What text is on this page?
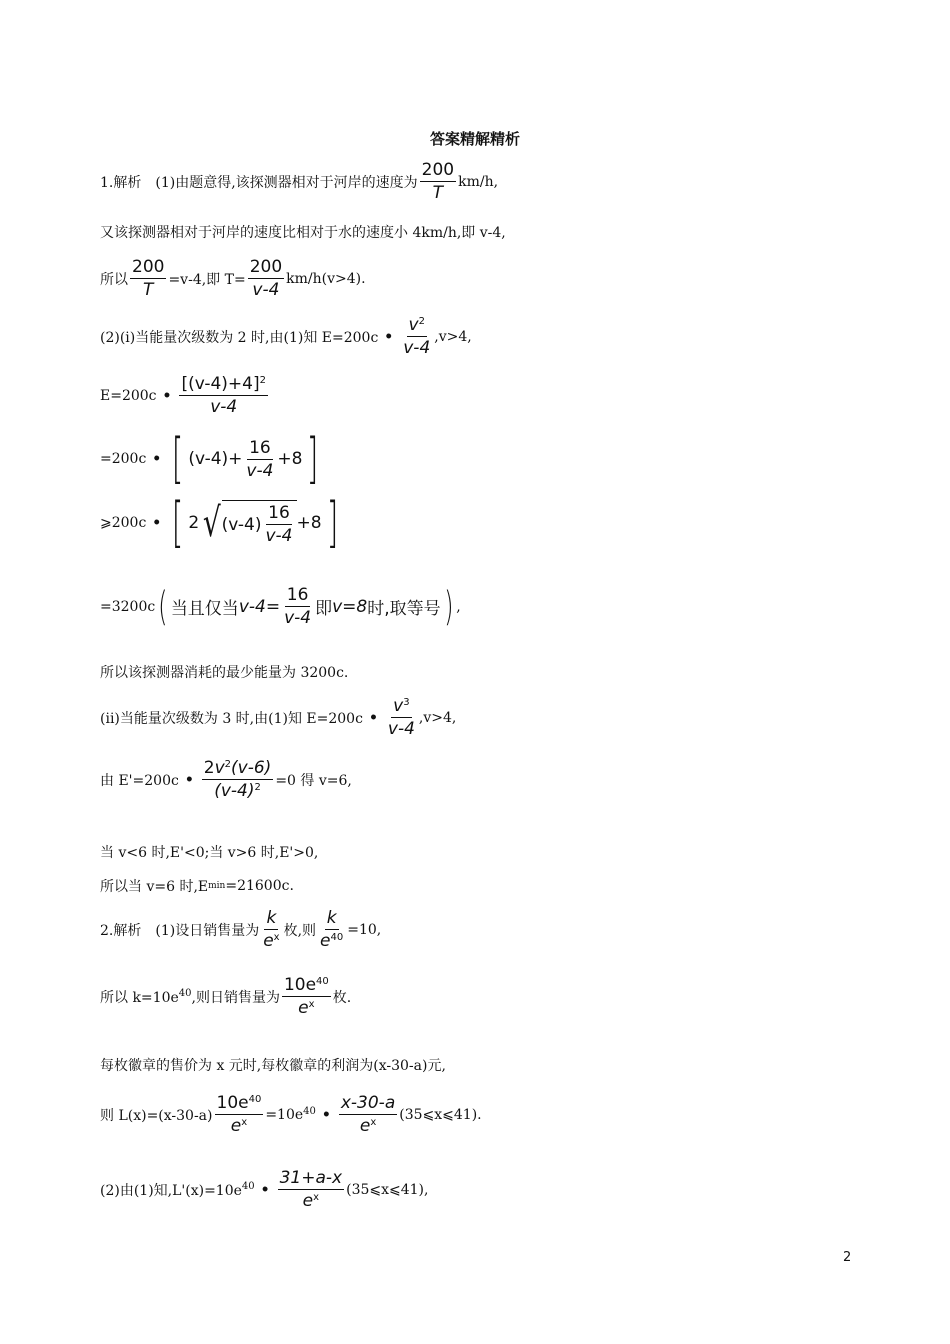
答案精解精析
1.解析　(1)由题意得,该探测器相对于河岸的速度为 $\frac{200}{T} km/h$,
又该探测器相对于河岸的速度比相对于水的速度小 4km/h,即 v-4,
所以 $\frac{200}{T} =v-4$,即 $T= \frac{200}{v-4} km/h(v>4)$.
(2)(i)当能量次级数为 2 时,由(1)知 E=200c • $\frac{v^2}{v-4} ,v>4$,
E=200c • $\frac{[(v-4)+4]^2}{v-4}$
=200c • [ $(v-4)+ \frac{16}{v-4} +8$ ]
⩾200c • [ 2 √ $(v-4) \frac{16}{v-4} +8$ ]
=3200c ( 当且仅当 $v-4= \frac{16}{v-4}$ 即 v=8 时,取等号 ) ,
所以该探测器消耗的最少能量为 3200c.
(ii)当能量次级数为 3 时,由(1)知 E=200c • $\frac{v^3}{v-4} ,v>4$,
由 E'=200c • $\frac{2v^2(v-6)}{(v-4)^2} =0$ 得 v=6,
当 v<6 时,E'<0;当 v>6 时,E'>0,
所以当 v=6 时,E min =21600c.
2.解析　(1)设日销售量为 $\frac{k}{e^x}$ 枚,则 $\frac{k}{e^{40}} =10$,
所以 k=10e 40 ,则日销售量为 $\frac{10e^{40}}{e^x}$ 枚.
每枚徽章的售价为 x 元时,每枚徽章的利润为(x-30-a)元,
则 $L(x)=(x-30-a) \frac{10e^{40}}{e^x} =10e$ 40 • $\frac{x-30-a}{e^x}$ (35⩽x⩽41).
(2)由(1)知,L'(x)=10e 40 • $\frac{31+a-x}{e^x}$ (35⩽x⩽41),
2
